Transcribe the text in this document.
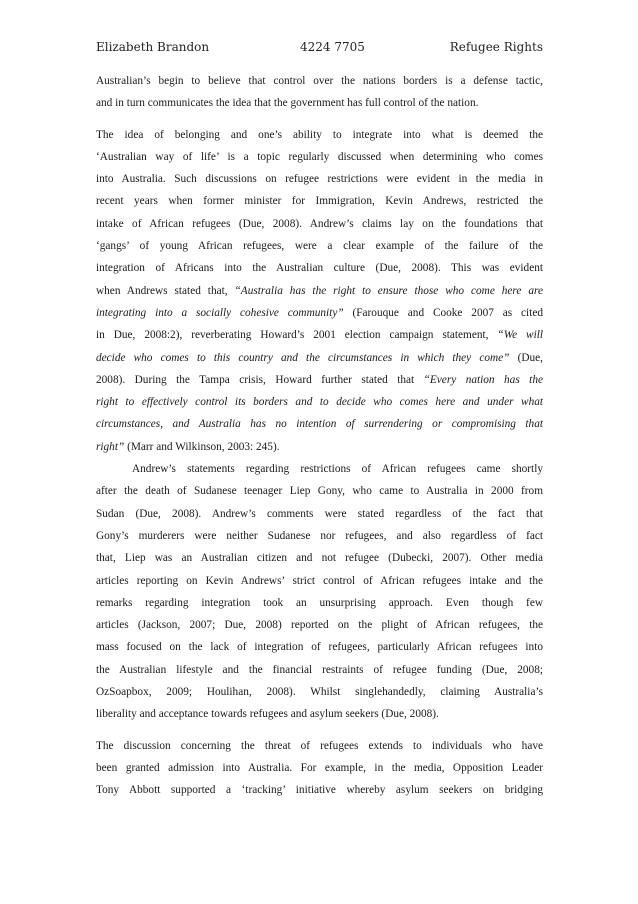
Elizabeth Brandon	4224 7705	Refugee Rights
Australian’s begin to believe that control over the nations borders is a defense tactic,
and in turn communicates the idea that the government has full control of the nation.
The idea of belonging and one’s ability to integrate into what is deemed the
‘Australian way of life’ is a topic regularly discussed when determining who comes
into Australia. Such discussions on refugee restrictions were evident in the media in
recent years when former minister for Immigration, Kevin Andrews, restricted the
intake of African refugees (Due, 2008). Andrew’s claims lay on the foundations that
‘gangs’ of young African refugees, were a clear example of the failure of the
integration of Africans into the Australian culture (Due, 2008). This was evident
when Andrews stated that, “Australia has the right to ensure those who come here are
integrating into a socially cohesive community” (Farouque and Cooke 2007 as cited
in Due, 2008:2), reverberating Howard’s 2001 election campaign statement, “We will
decide who comes to this country and the circumstances in which they come” (Due,
2008). During the Tampa crisis, Howard further stated that “Every nation has the
right to effectively control its borders and to decide who comes here and under what
circumstances, and Australia has no intention of surrendering or compromising that
right” (Marr and Wilkinson, 2003: 245).
Andrew’s statements regarding restrictions of African refugees came shortly
after the death of Sudanese teenager Liep Gony, who came to Australia in 2000 from
Sudan (Due, 2008). Andrew’s comments were stated regardless of the fact that
Gony’s murderers were neither Sudanese nor refugees, and also regardless of fact
that, Liep was an Australian citizen and not refugee (Dubecki, 2007). Other media
articles reporting on Kevin Andrews’ strict control of African refugees intake and the
remarks regarding integration took an unsurprising approach. Even though few
articles (Jackson, 2007; Due, 2008) reported on the plight of African refugees, the
mass focused on the lack of integration of refugees, particularly African refugees into
the Australian lifestyle and the financial restraints of refugee funding (Due, 2008;
OzSoapbox, 2009; Houlihan, 2008). Whilst singlehandedly, claiming Australia’s
liberality and acceptance towards refugees and asylum seekers (Due, 2008).
The discussion concerning the threat of refugees extends to individuals who have
been granted admission into Australia. For example, in the media, Opposition Leader
Tony Abbott supported a ‘tracking’ initiative whereby asylum seekers on bridging
